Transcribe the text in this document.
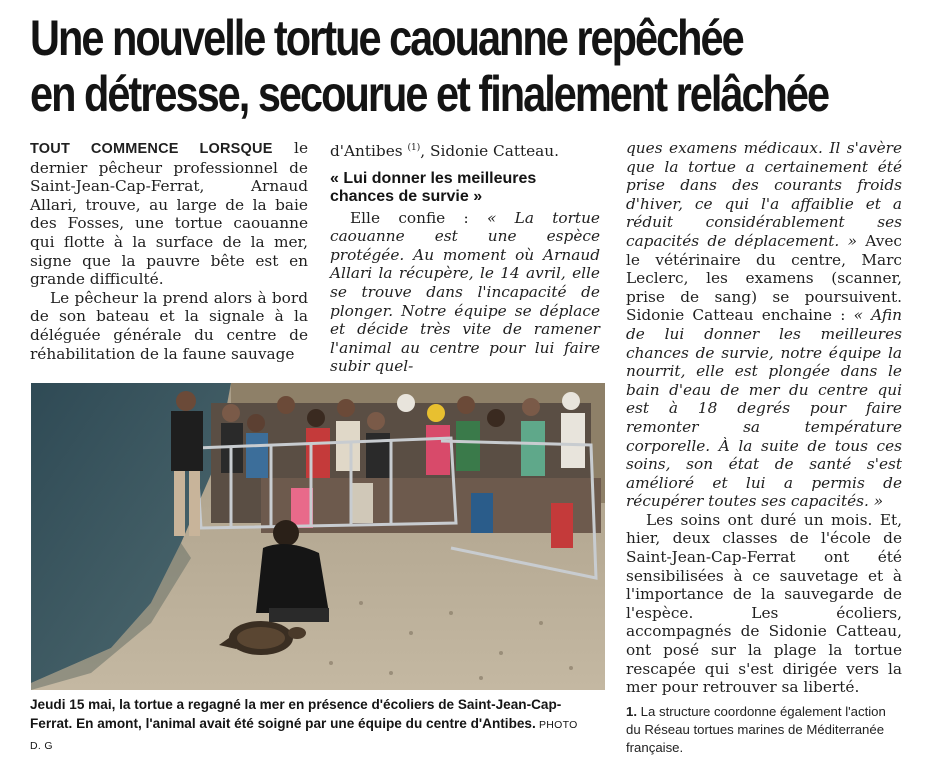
Une nouvelle tortue caouanne repêchée
en détresse, secourue et finalement relâchée

TOUT COMMENCE LORSQUE le dernier pêcheur professionnel de Saint-Jean-Cap-Ferrat, Arnaud Allari, trouve, au large de la baie des Fosses, une tortue caouanne qui flotte à la surface de la mer, signe que la pauvre bête est en grande difficulté.

Le pêcheur la prend alors à bord de son bateau et la signale à la déléguée générale du centre de réhabilitation de la faune sauvage

d'Antibes $^{(1)}$, Sidonie Catteau.

« Lui donner les meilleures chances de survie »

Elle confie : « La tortue caouanne est une espèce protégée. Au moment où Arnaud Allari la récupère, le 14 avril, elle se trouve dans l'incapacité de plonger. Notre équipe se déplace et décide très vite de ramener l'animal au centre pour lui faire subir quel-

ques examens médicaux. Il s'avère que la tortue a certainement été prise dans des courants froids d'hiver, ce qui l'a affaiblie et a réduit considérablement ses capacités de déplacement. » Avec le vétérinaire du centre, Marc Leclerc, les examens (scanner, prise de sang) se poursuivent. Sidonie Catteau enchaine : « Afin de lui donner les meilleures chances de survie, notre équipe la nourrit, elle est plongée dans le bain d'eau de mer du centre qui est à 18 degrés pour faire remonter sa température corporelle. À la suite de tous ces soins, son état de santé s'est amélioré et lui a permis de récupérer toutes ses capacités. »

Les soins ont duré un mois. Et, hier, deux classes de l'école de Saint-Jean-Cap-Ferrat ont été sensibilisées à ce sauvetage et à l'importance de la sauvegarde de l'espèce. Les écoliers, accompagnés de Sidonie Catteau, ont posé sur la plage la tortue rescapée qui s'est dirigée vers la mer pour retrouver sa liberté.

1. La structure coordonne également l'action du Réseau tortues marines de Méditerranée française.
Jeudi 15 mai, la tortue a regagné la mer en présence d'écoliers de Saint-Jean-Cap-Ferrat. En amont, l'animal avait été soigné par une équipe du centre d'Antibes. PHOTO D. G
